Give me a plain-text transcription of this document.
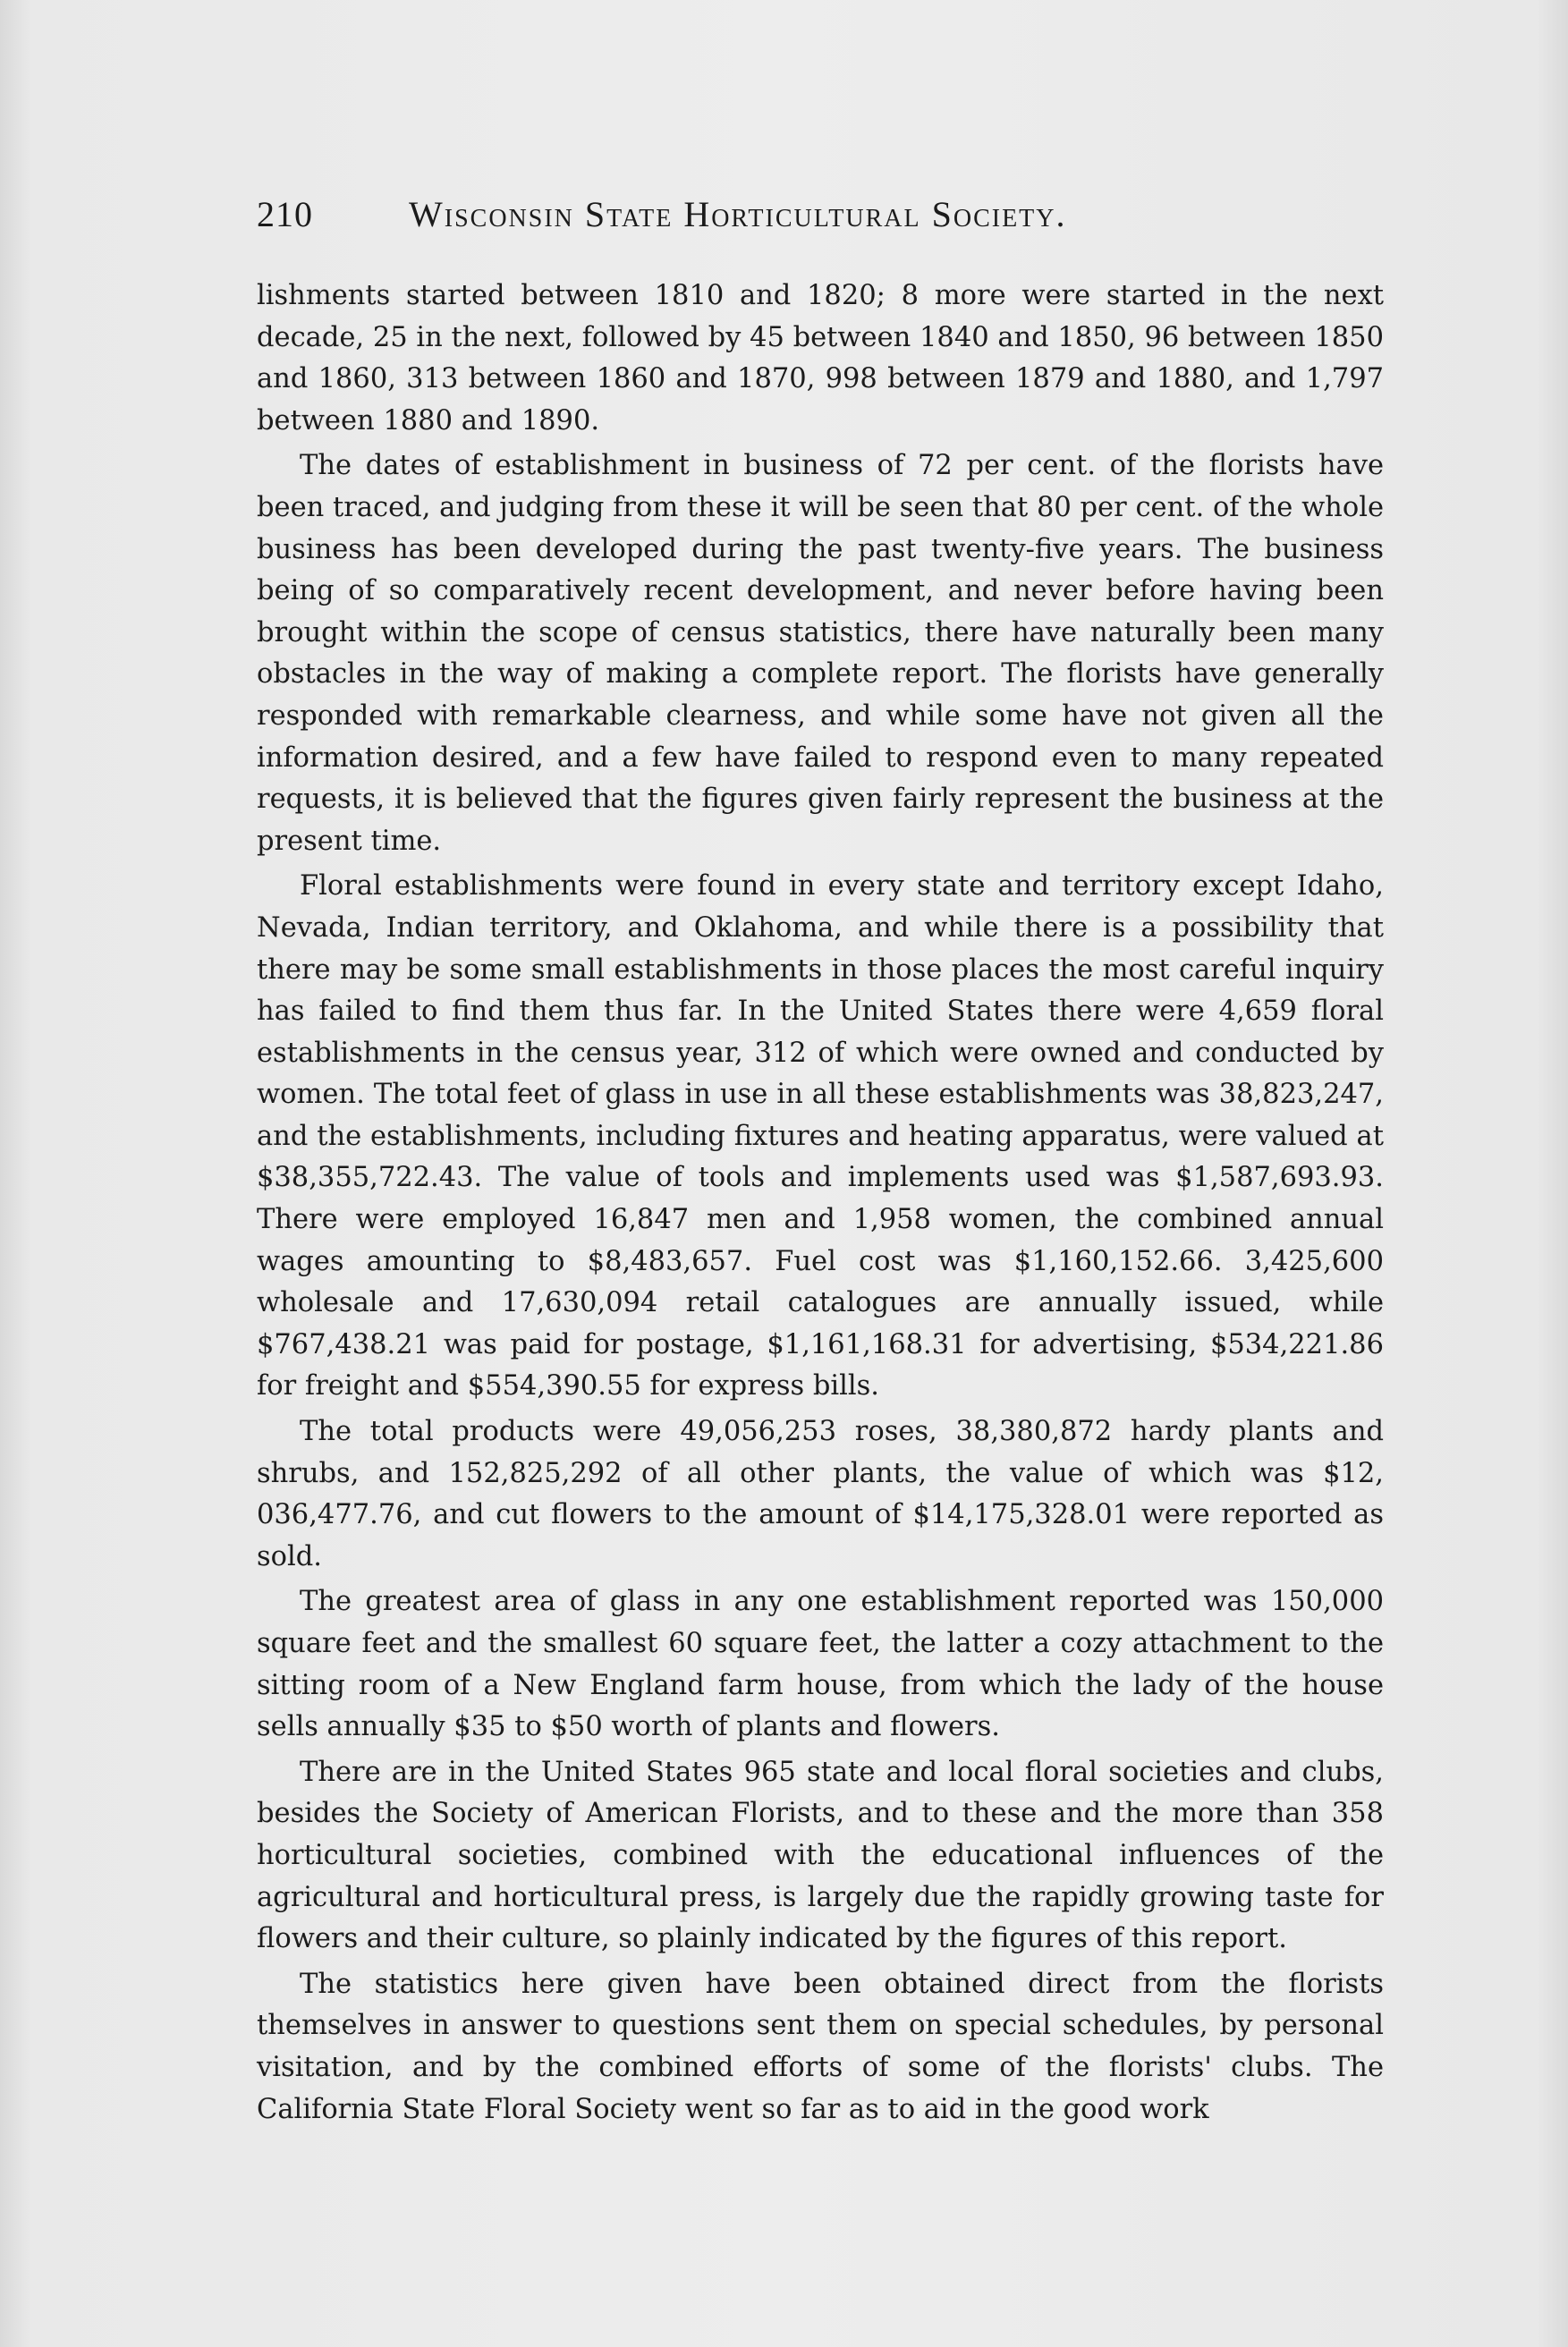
210	Wisconsin State Horticultural Society.

lishments started between 1810 and 1820; 8 more were started in the next decade, 25 in the next, followed by 45 between 1840 and 1850, 96 between 1850 and 1860, 313 between 1860 and 1870, 998 between 1879 and 1880, and 1,797 between 1880 and 1890.

The dates of establishment in business of 72 per cent. of the florists have been traced, and judging from these it will be seen that 80 per cent. of the whole business has been developed during the past twenty-five years. The business being of so comparatively recent development, and never before having been brought within the scope of census statistics, there have naturally been many obstacles in the way of making a complete report. The florists have generally responded with remarkable clearness, and while some have not given all the information desired, and a few have failed to respond even to many repeated requests, it is believed that the figures given fairly represent the business at the present time.

Floral establishments were found in every state and territory except Idaho, Nevada, Indian territory, and Oklahoma, and while there is a possibility that there may be some small establishments in those places the most careful inquiry has failed to find them thus far. In the United States there were 4,659 floral establishments in the census year, 312 of which were owned and conducted by women. The total feet of glass in use in all these establishments was 38,823,247, and the establishments, including fixtures and heating apparatus, were valued at $38,355,722.43. The value of tools and implements used was $1,587,693.93. There were employed 16,847 men and 1,958 women, the combined annual wages amounting to $8,483,657. Fuel cost was $1,160,152.66. 3,425,600 wholesale and 17,630,094 retail catalogues are annually issued, while $767,438.21 was paid for postage, $1,161,168.31 for advertising, $534,221.86 for freight and $554,390.55 for express bills.

The total products were 49,056,253 roses, 38,380,872 hardy plants and shrubs, and 152,825,292 of all other plants, the value of which was $12, 036,477.76, and cut flowers to the amount of $14,175,328.01 were reported as sold.

The greatest area of glass in any one establishment reported was 150,000 square feet and the smallest 60 square feet, the latter a cozy attachment to the sitting room of a New England farm house, from which the lady of the house sells annually $35 to $50 worth of plants and flowers.

There are in the United States 965 state and local floral societies and clubs, besides the Society of American Florists, and to these and the more than 358 horticultural societies, combined with the educational influences of the agricultural and horticultural press, is largely due the rapidly growing taste for flowers and their culture, so plainly indicated by the figures of this report.

The statistics here given have been obtained direct from the florists themselves in answer to questions sent them on special schedules, by personal visitation, and by the combined efforts of some of the florists' clubs. The California State Floral Society went so far as to aid in the good work
